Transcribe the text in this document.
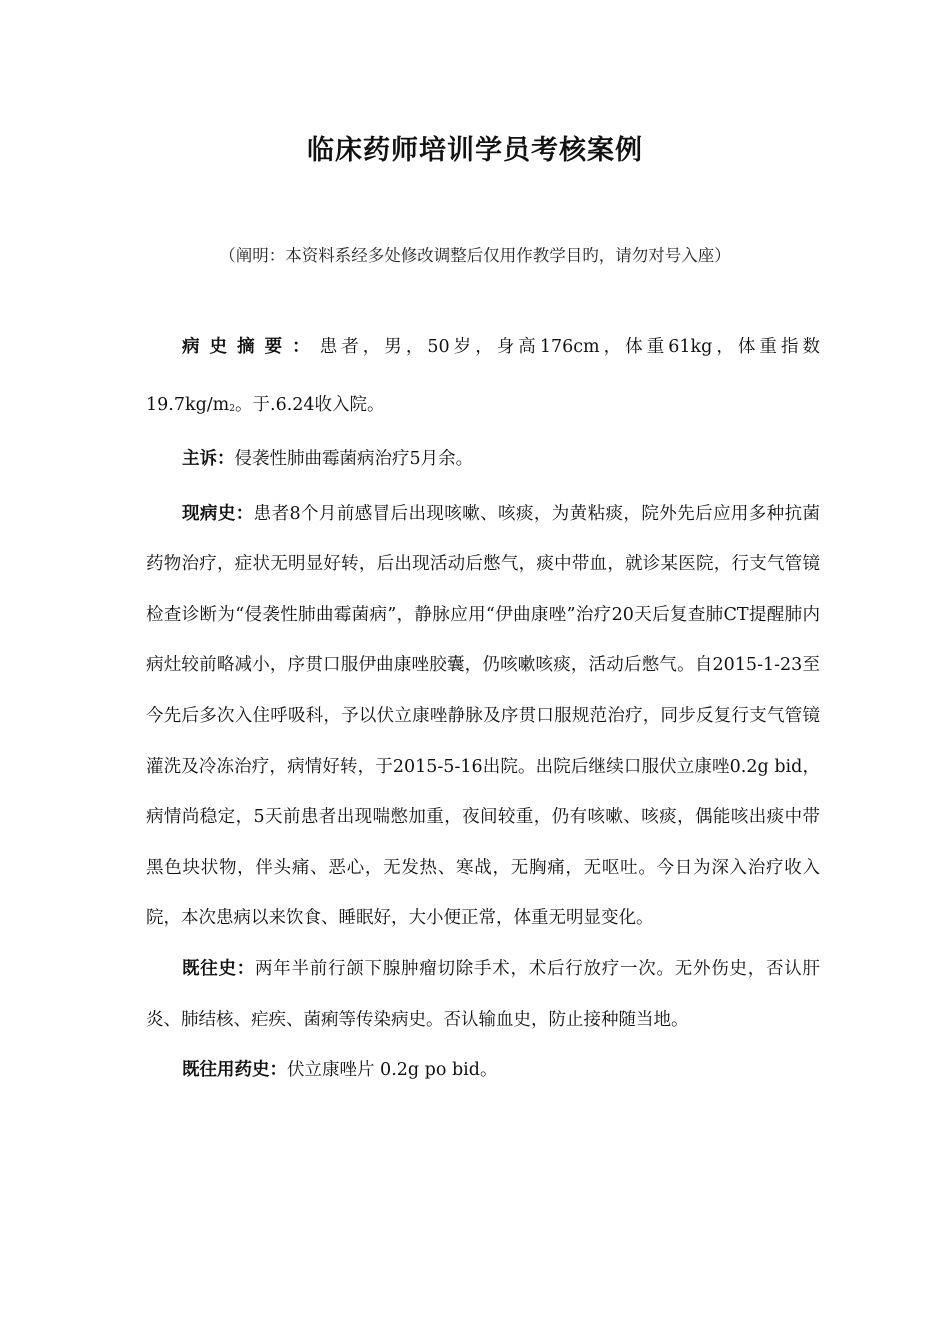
临床药师培训学员考核案例

（阐明：本资料系经多处修改调整后仅用作教学目旳，请勿对号入座）

病史摘要：患者，男，50岁，身高176cm，体重61kg，体重指数$19.7kg/m^2$。于.6.24收入院。

主诉：侵袭性肺曲霉菌病治疗5月余。

现病史：患者8个月前感冒后出现咳嗽、咳痰，为黄粘痰，院外先后应用多种抗菌药物治疗，症状无明显好转，后出现活动后憋气，痰中带血，就诊某医院，行支气管镜检查诊断为“侵袭性肺曲霉菌病”，静脉应用“伊曲康唑”治疗20天后复查肺CT提醒肺内病灶较前略减小，序贯口服伊曲康唑胶囊，仍咳嗽咳痰，活动后憋气。自2015-1-23至今先后多次入住呼吸科，予以伏立康唑静脉及序贯口服规范治疗，同步反复行支气管镜灌洗及冷冻治疗，病情好转，于2015-5-16出院。出院后继续口服伏立康唑0.2g bid，病情尚稳定，5天前患者出现喘憋加重，夜间较重，仍有咳嗽、咳痰，偶能咳出痰中带黑色块状物，伴头痛、恶心，无发热、寒战，无胸痛，无呕吐。今日为深入治疗收入院，本次患病以来饮食、睡眠好，大小便正常，体重无明显变化。

既往史：两年半前行颌下腺肿瘤切除手术，术后行放疗一次。无外伤史，否认肝炎、肺结核、疟疾、菌痢等传染病史。否认输血史，防止接种随当地。

既往用药史：伏立康唑片 0.2g po bid。
